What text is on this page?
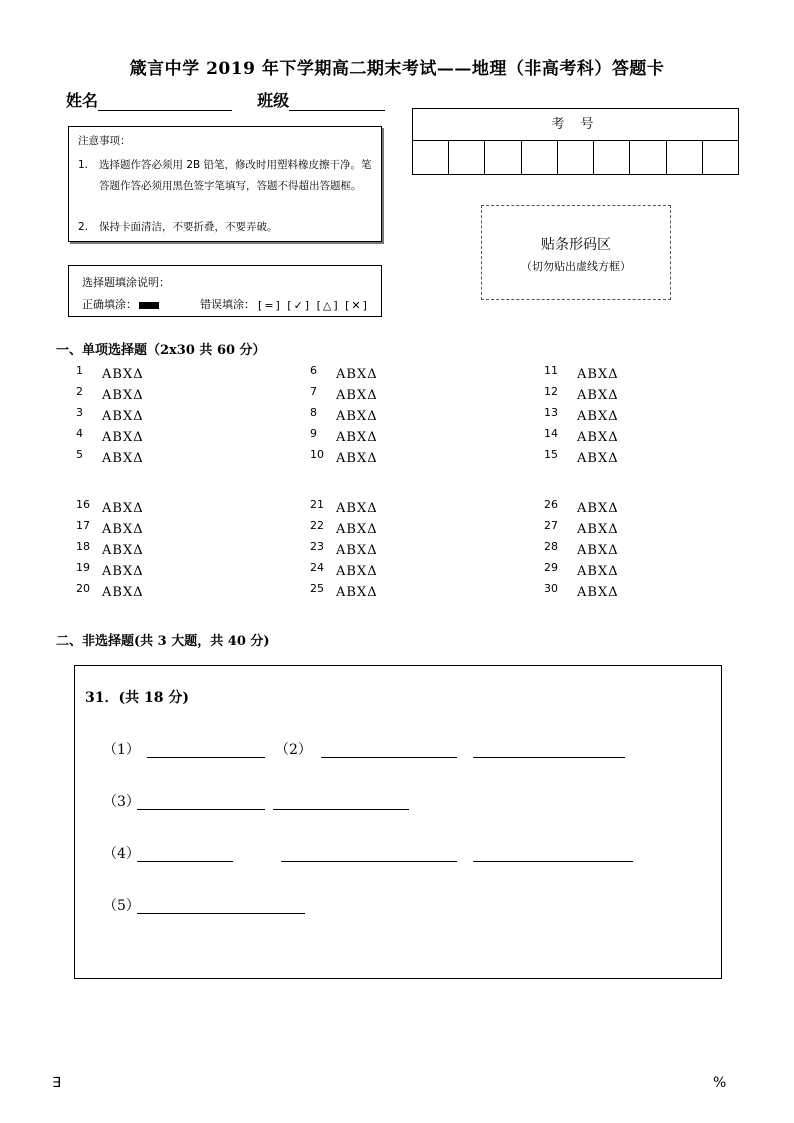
箴言中学 2019 年下学期高二期末考试——地理（非高考科）答题卡
姓名	班级
注意事项：
1. 选择题作答必须用 2B 铅笔，修改时用塑料橡皮擦干净。笔答题作答必须用黑色签字笔填写，答题不得超出答题框。
2. 保持卡面清洁，不要折叠，不要弄破。
选择题填涂说明：
正确填涂：	错误填涂： [=] [✓] [△] [✕]
考 号
贴条形码区
（切勿贴出虚线方框）
一、单项选择题（2x30 共 60 分）
1 ABXΔ
2 ABXΔ
3 ABXΔ
4 ABXΔ
5 ABXΔ
6 ABXΔ
7 ABXΔ
8 ABXΔ
9 ABXΔ
10 ABXΔ
11 ABXΔ
12 ABXΔ
13 ABXΔ
14 ABXΔ
15 ABXΔ
16 ABXΔ
17 ABXΔ
18 ABXΔ
19 ABXΔ
20 ABXΔ
21 ABXΔ
22 ABXΔ
23 ABXΔ
24 ABXΔ
25 ABXΔ
26 ABXΔ
27 ABXΔ
28 ABXΔ
29 ABXΔ
30 ABXΔ
二、非选择题(共 3 大题，共 40 分)
31．(共 18 分)
（1）	（2）
（3）
（4）
（5）
∃	%
